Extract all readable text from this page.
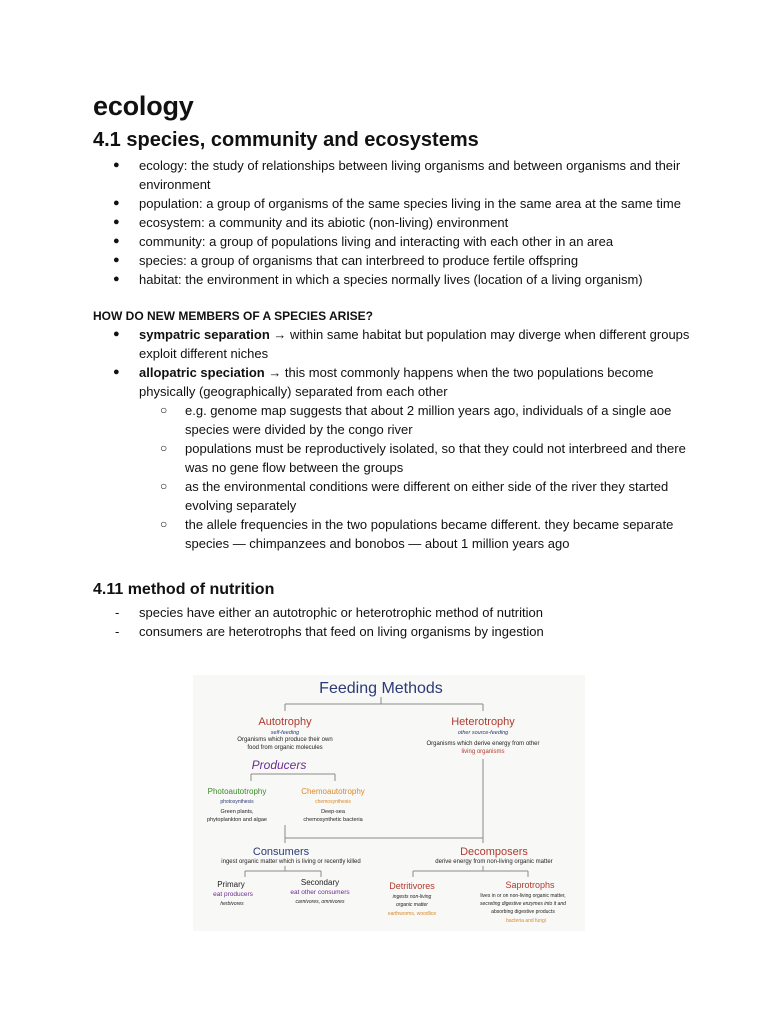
ecology
4.1 species, community and ecosystems
● ecology: the study of relationships between living organisms and between organisms and their environment
● population: a group of organisms of the same species living in the same area at the same time
● ecosystem: a community and its abiotic (non-living) environment
● community: a group of populations living and interacting with each other in an area
● species: a group of organisms that can interbreed to produce fertile offspring
● habitat: the environment in which a species normally lives (location of a living organism)
HOW DO NEW MEMBERS OF A SPECIES ARISE?
● sympatric separation → within same habitat but population may diverge when different groups exploit different niches
● allopatric speciation → this most commonly happens when the two populations become physically (geographically) separated from each other
○ e.g. genome map suggests that about 2 million years ago, individuals of a single aoe species were divided by the congo river
○ populations must be reproductively isolated, so that they could not interbreed and there was no gene flow between the groups
○ as the environmental conditions were different on either side of the river they started evolving separately
○ the allele frequencies in the two populations became different. they became separate species — chimpanzees and bonobos — about 1 million years ago
4.11 method of nutrition
- species have either an autotrophic or heterotrophic method of nutrition
- consumers are heterotrophs that feed on living organisms by ingestion
Feeding Methods
Autotrophy
self-feeding
Organisms which produce their own
food from organic molecules
Heterotrophy
other source-feeding
Organisms which derive energy from other
living organisms
Producers
Photoautotrophy
photosynthesis
Green plants,
phytoplankton and algae
Chemoautotrophy
chemosynthesis
Deep-sea
chemosynthetic bacteria
Consumers
ingest organic matter which is living or recently killed
Decomposers
derive energy from non-living organic matter
Primary
eat producers
herbivores
Secondary
eat other consumers
carnivores, omnivores
Detritivores
ingests non-living
organic matter
earthworms, woodlice
Saprotrophs
lives in or on non-living organic matter,
secreting digestive enzymes into it and
absorbing digestive products
bacteria and fungi
